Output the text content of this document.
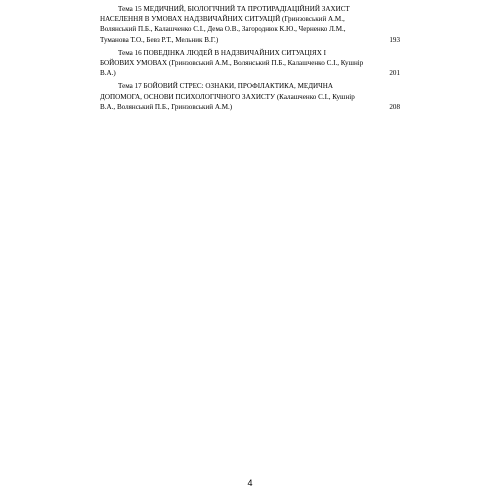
Тема 15 МЕДИЧНИЙ, БІОЛОГІЧНИЙ ТА ПРОТИРАДІАЦІЙНИЙ ЗАХИСТ
НАСЕЛЕННЯ В УМОВАХ НАДЗВИЧАЙНИХ СИТУАЦІЙ (Гринзовський А.М.,
Волянський П.Б., Калашченко С.І., Дема О.В., Загороднюк К.Ю., Черненко Л.М.,
Туманова Т.О., Бевз Р.Т., Мельник В.Г.)	193
Тема 16 ПОВЕДІНКА ЛЮДЕЙ В НАДЗВИЧАЙНИХ СИТУАЦІЯХ І
БОЙОВИХ УМОВАХ (Гринзовський А.М., Волянський П.Б., Калашченко С.І., Кушнір
В.А.)	201
Тема 17 БОЙОВИЙ СТРЕС: ОЗНАКИ, ПРОФІЛАКТИКА, МЕДИЧНА
ДОПОМОГА, ОСНОВИ ПСИХОЛОГІЧНОГО ЗАХИСТУ (Калашченко С.І., Кушнір
В.А., Волянський П.Б., Гринзовський А.М.)	208
4
